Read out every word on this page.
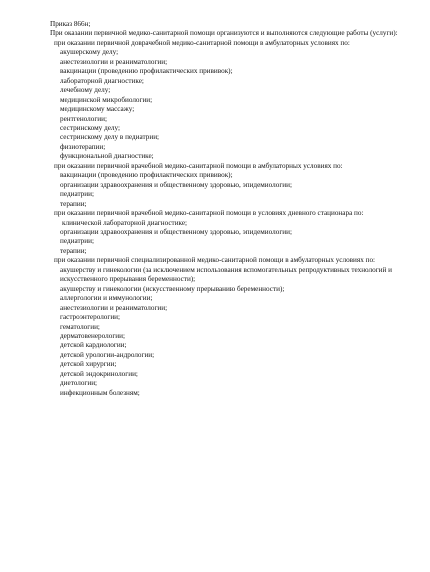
Приказ 866н;
При оказании первичной медико-санитарной помощи организуются и выполняются следующие работы (услуги):
при оказании первичной доврачебной медико-санитарной помощи в амбулаторных условиях по:
акушерскому делу;
анестезиологии и реаниматологии;
вакцинации (проведению профилактических прививок);
лабораторной диагностике;
лечебному делу;
медицинской микробиологии;
медицинскому массажу;
рентгенологии;
сестринскому делу;
сестринскому делу в педиатрии;
физиотерапии;
функциональной диагностике;
при оказании первичной врачебной медико-санитарной помощи в амбулаторных условиях по:
вакцинации (проведению профилактических прививок);
организации здравоохранения и общественному здоровью, эпидемиологии;
педиатрии;
терапии;
при оказании первичной врачебной медико-санитарной помощи в условиях дневного стационара по:
клинической лабораторной диагностике;
организации здравоохранения и общественному здоровью, эпидемиологии;
педиатрии;
терапии;
при оказании первичной специализированной медико-санитарной помощи в амбулаторных условиях по:
акушерству и гинекологии (за исключением использования вспомогательных репродуктивных технологий и искусственного прерывания беременности);
акушерству и гинекологии (искусственному прерыванию беременности);
аллергологии и иммунологии;
анестезиологии и реаниматологии;
гастроэнтерологии;
гематологии;
дерматовенерологии;
детской кардиологии;
детской урологии-андрологии;
детской хирургии;
детской эндокринологии;
диетологии;
инфекционным болезням;
